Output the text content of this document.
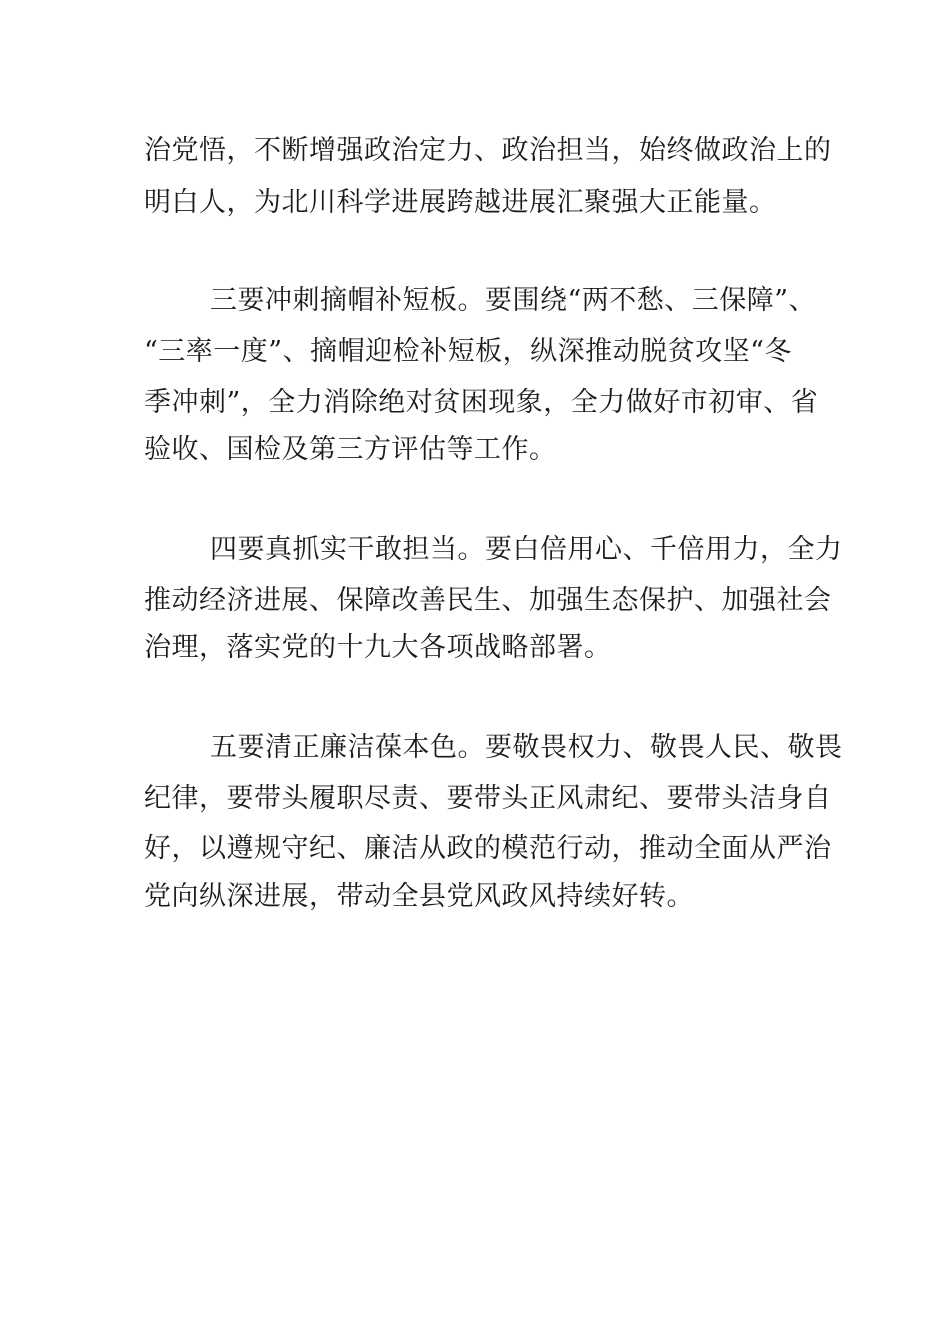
治党悟，不断增强政治定力、政治担当，始终做政治上的
明白人，为北川科学进展跨越进展汇聚强大正能量。
三要冲刺摘帽补短板。要围绕“两不愁、三保障”、
“三率一度”、摘帽迎检补短板，纵深推动脱贫攻坚“冬
季冲刺”，全力消除绝对贫困现象，全力做好市初审、省
验收、国检及第三方评估等工作。
四要真抓实干敢担当。要白倍用心、千倍用力，全力
推动经济进展、保障改善民生、加强生态保护、加强社会
治理，落实党的十九大各项战略部署。
五要清正廉洁葆本色。要敬畏权力、敬畏人民、敬畏
纪律，要带头履职尽责、要带头正风肃纪、要带头洁身自
好，以遵规守纪、廉洁从政的模范行动，推动全面从严治
党向纵深进展，带动全县党风政风持续好转。
